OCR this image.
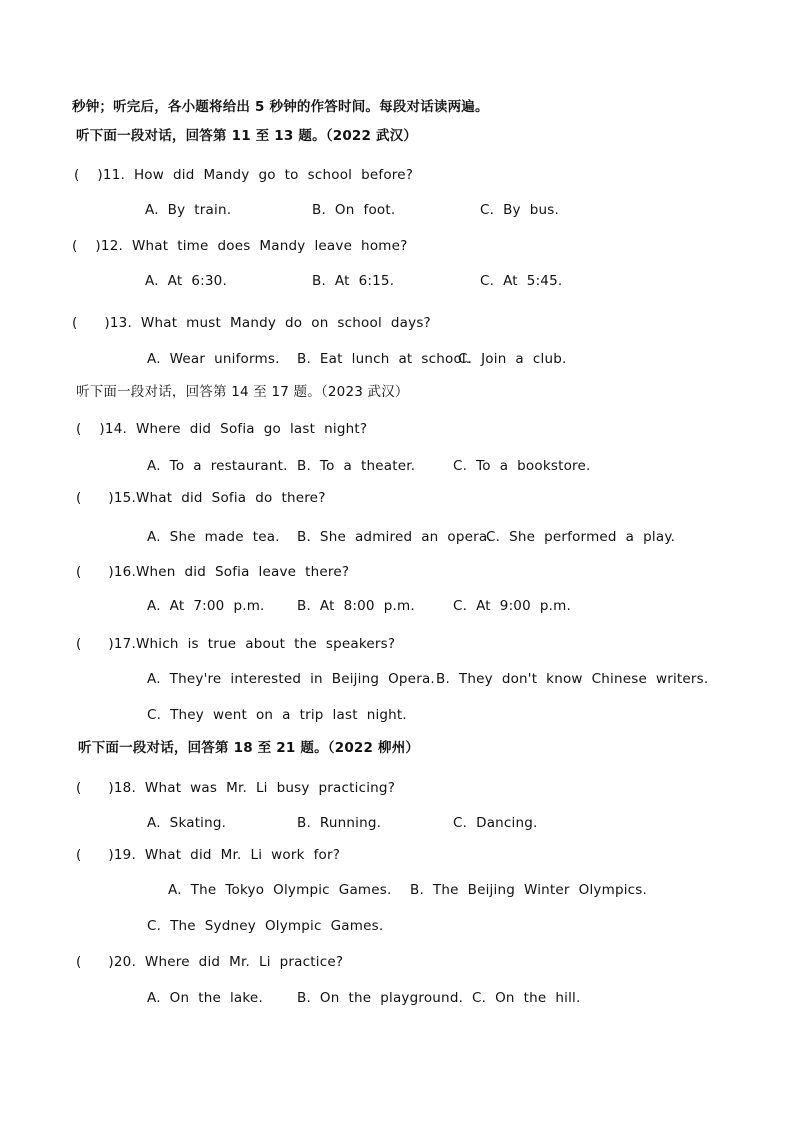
秒钟；听完后，各小题将给出 5 秒钟的作答时间。每段对话读两遍。
听下面一段对话，回答第 11 至 13 题。（2022 武汉）
(    )11.  How  did  Mandy  go  to  school  before?
A.  By  train.	B.  On  foot.	C.  By  bus.
(    )12.  What  time  does  Mandy  leave  home?
A.  At  6:30.	B.  At  6:15.	C.  At  5:45.
(      )13.  What  must  Mandy  do  on  school  days?
A.  Wear  uniforms. B.  Eat  lunch  at  school.
C.  Join  a  club.
听下面一段对话，回答第 14 至 17 题。（2023 武汉）
(    )14.  Where  did  Sofia  go  last  night?
A.  To  a  restaurant. B.  To  a  theater.	C.  To  a  bookstore.
(      )15.What  did  Sofia  do  there?
A.  She  made  tea. B.  She  admired  an  opera.
C.  She  performed  a  play.
(      )16.When  did  Sofia  leave  there?
A.  At  7:00  p.m. B.  At  8:00  p.m.	C.  At  9:00  p.m.
(      )17.Which  is  true  about  the  speakers?
A.  They're  interested  in  Beijing  Opera. B.  They  don't  know  Chinese  writers.
C.  They  went  on  a  trip  last  night.
听下面一段对话，回答第 18 至 21 题。（2022 柳州）
(      )18.  What  was  Mr.  Li  busy  practicing?
A.  Skating.	B.  Running.	C.  Dancing.
(      )19.  What  did  Mr.  Li  work  for?
A.  The  Tokyo  Olympic  Games. B.  The  Beijing  Winter  Olympics.
C.  The  Sydney  Olympic  Games.
(      )20.  Where  did  Mr.  Li  practice?
A.  On  the  lake.	B.  On  the  playground. C.  On  the  hill.
